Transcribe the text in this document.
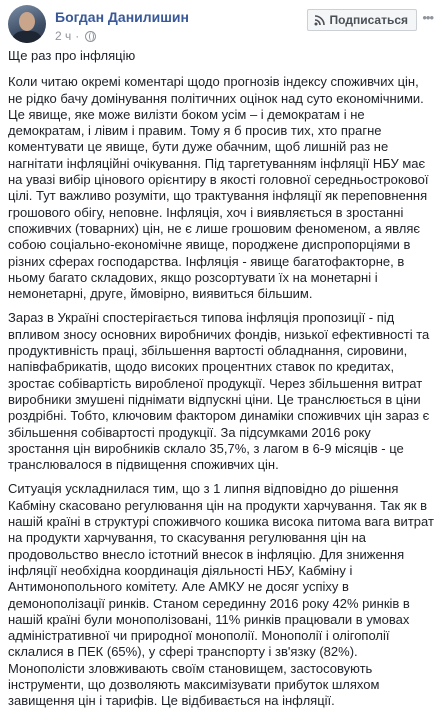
Богдан Данилишин
2 ч ·
Подписаться •••

Ще раз про інфляцію

Коли читаю окремі коментарі щодо прогнозів індексу споживчих цін, не рідко бачу домінування політичних оцінок над суто економічними. Це явище, яке може вилізти боком усім – і демократам і не демократам, і лівим і правим. Тому я б просив тих, хто прагне коментувати це явище, бути дуже обачним, щоб лишній раз не нагнітати інфляційні очікування. Під таргетуванням інфляції НБУ має на увазі вибір цінового орієнтиру в якості головної середньострокової цілі. Тут важливо розуміти, що трактування інфляції як переповнення грошового обігу, неповне. Інфляція, хоч і виявляється в зростанні споживчих (товарних) цін, не є лише грошовим феноменом, а являє собою соціально-економічне явище, породжене диспропорціями в різних сферах господарства. Інфляція - явище багатофакторне, в ньому багато складових, якщо розсортувати їх на монетарні і немонетарні, друге, ймовірно, виявиться більшим.

Зараз в Україні спостерігається типова інфляція пропозиції - під впливом зносу основних виробничих фондів, низької ефективності та продуктивність праці, збільшення вартості обладнання, сировини, напівфабрикатів, щодо високих процентних ставок по кредитах, зростає собівартість виробленої продукції. Через збільшення витрат виробники змушені піднімати відпускні ціни. Це транслюється в ціни роздрібні. Тобто, ключовим фактором динаміки споживчих цін зараз є збільшення собівартості продукції. За підсумками 2016 року зростання цін виробників склало 35,7%, з лагом в 6-9 місяців - це транслювалося в підвищення споживчих цін.

Ситуація ускладнилася тим, що з 1 липня відповідно до рішення Кабміну скасовано регулювання цін на продукти харчування. Так як в нашій країні в структурі споживчого кошика висока питома вага витрат на продукти харчування, то скасування регулювання цін на продовольство внесло істотний внесок в інфляцію. Для зниження інфляції необхідна координація діяльності НБУ, Кабміну і Антимонопольного комітету. Але АМКУ не досяг успіху в демонополізації ринків. Станом серединну 2016 року 42% ринків в нашій країні були монополізовані, 11% ринків працювали в умовах адміністративної чи природної монополії. Монополії і олігополії склалися в ПЕК (65%), у сфері транспорту і зв'язку (82%). Монополісти зловживають своїм становищем, застосовують інструменти, що дозволяють максимізувати прибуток шляхом завищення цін і тарифів. Це відбивається на інфляції.
